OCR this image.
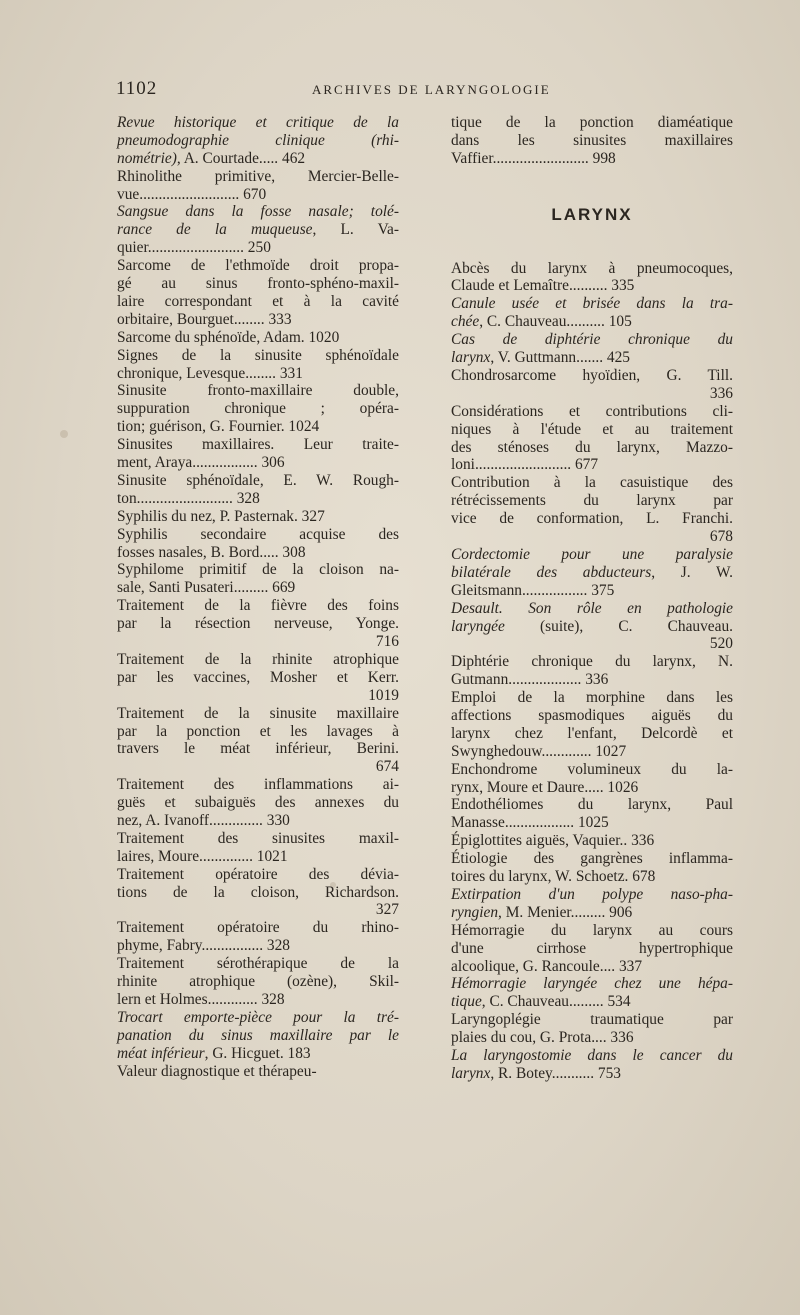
1102	ARCHIVES DE LARYNGOLOGIE
Revue historique et critique de la
pneumodographie clinique (rhi-
nométrie), A. Courtade..... 462
Rhinolithe primitive, Mercier-Belle-
vue.......................... 670
Sangsue dans la fosse nasale; tolé-
rance de la muqueuse, L. Va-
quier......................... 250
Sarcome de l'ethmoïde droit propa-
gé au sinus fronto-sphéno-maxil-
laire correspondant et à la cavité
orbitaire, Bourguet........ 333
Sarcome du sphénoïde, Adam. 1020
Signes de la sinusite sphénoïdale
chronique, Levesque........ 331
Sinusite fronto-maxillaire double,
suppuration chronique ; opéra-
tion; guérison, G. Fournier. 1024
Sinusites maxillaires. Leur traite-
ment, Araya................. 306
Sinusite sphénoïdale, E. W. Rough-
ton......................... 328
Syphilis du nez, P. Pasternak. 327
Syphilis secondaire acquise des
fosses nasales, B. Bord..... 308
Syphilome primitif de la cloison na-
sale, Santi Pusateri......... 669
Traitement de la fièvre des foins
par la résection nerveuse, Yonge.
716
Traitement de la rhinite atrophique
par les vaccines, Mosher et Kerr.
1019
Traitement de la sinusite maxillaire
par la ponction et les lavages à
travers le méat inférieur, Berini.
674
Traitement des inflammations ai-
guës et subaiguës des annexes du
nez, A. Ivanoff.............. 330
Traitement des sinusites maxil-
laires, Moure.............. 1021
Traitement opératoire des dévia-
tions de la cloison, Richardson.
327
Traitement opératoire du rhino-
phyme, Fabry................ 328
Traitement sérothérapique de la
rhinite atrophique (ozène), Skil-
lern et Holmes............. 328
Trocart emporte-pièce pour la tré-
panation du sinus maxillaire par le
méat inférieur, G. Hicguet. 183
Valeur diagnostique et thérapeu-
tique de la ponction diaméatique
dans les sinusites maxillaires
Vaffier......................... 998
LARYNX
Abcès du larynx à pneumocoques,
Claude et Lemaître.......... 335
Canule usée et brisée dans la tra-
chée, C. Chauveau.......... 105
Cas de diphtérie chronique du
larynx, V. Guttmann....... 425
Chondrosarcome hyoïdien, G. Till.
336
Considérations et contributions cli-
niques à l'étude et au traitement
des sténoses du larynx, Mazzo-
loni......................... 677
Contribution à la casuistique des
rétrécissements du larynx par
vice de conformation, L. Franchi.
678
Cordectomie pour une paralysie
bilatérale des abducteurs, J. W.
Gleitsmann................. 375
Desault. Son rôle en pathologie
laryngée (suite), C. Chauveau.
520
Diphtérie chronique du larynx, N.
Gutmann................... 336
Emploi de la morphine dans les
affections spasmodiques aiguës du
larynx chez l'enfant, Delcordè et
Swynghedouw............. 1027
Enchondrome volumineux du la-
rynx, Moure et Daure..... 1026
Endothéliomes du larynx, Paul
Manasse.................. 1025
Épiglottites aiguës, Vaquier.. 336
Étiologie des gangrènes inflamma-
toires du larynx, W. Schoetz. 678
Extirpation d'un polype naso-pha-
ryngien, M. Menier......... 906
Hémorragie du larynx au cours
d'une cirrhose hypertrophique
alcoolique, G. Rancoule.... 337
Hémorragie laryngée chez une hépa-
tique, C. Chauveau......... 534
Laryngoplégie traumatique par
plaies du cou, G. Prota.... 336
La laryngostomie dans le cancer du
larynx, R. Botey........... 753
